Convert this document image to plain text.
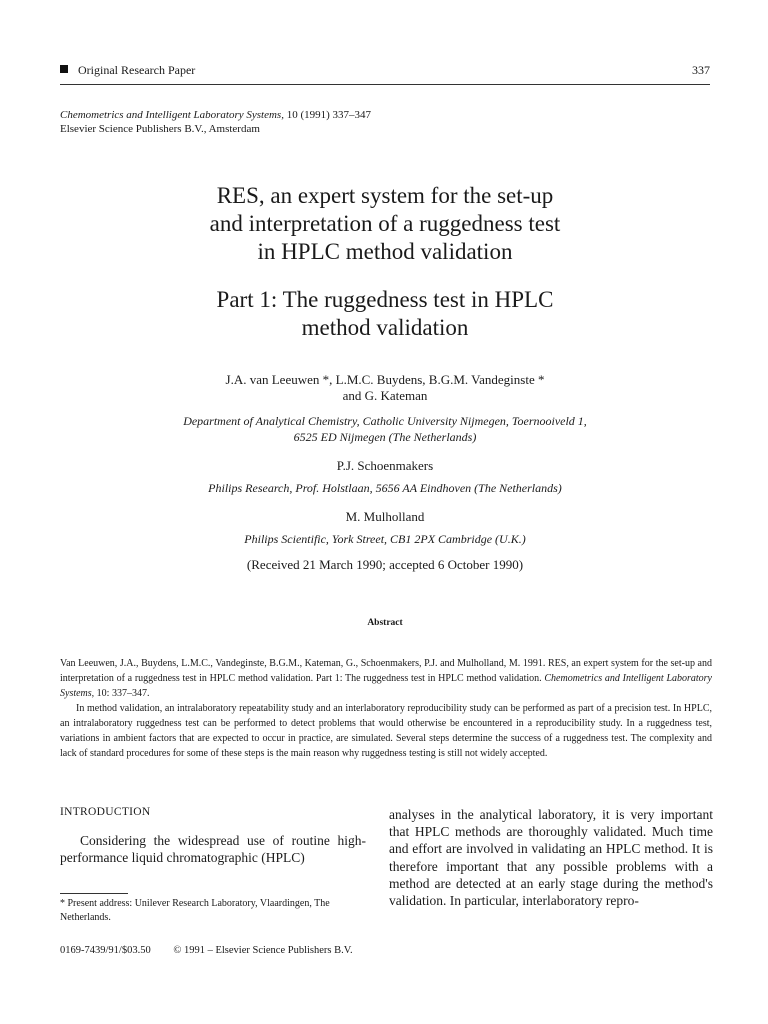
Original Research Paper	337
Chemometrics and Intelligent Laboratory Systems, 10 (1991) 337–347
Elsevier Science Publishers B.V., Amsterdam
RES, an expert system for the set-up
and interpretation of a ruggedness test
in HPLC method validation
Part 1: The ruggedness test in HPLC
method validation
J.A. van Leeuwen *, L.M.C. Buydens, B.G.M. Vandeginste *
and G. Kateman
Department of Analytical Chemistry, Catholic University Nijmegen, Toernooiveld 1,
6525 ED Nijmegen (The Netherlands)
P.J. Schoenmakers
Philips Research, Prof. Holstlaan, 5656 AA Eindhoven (The Netherlands)
M. Mulholland
Philips Scientific, York Street, CB1 2PX Cambridge (U.K.)
(Received 21 March 1990; accepted 6 October 1990)
Abstract

Van Leeuwen, J.A., Buydens, L.M.C., Vandeginste, B.G.M., Kateman, G., Schoenmakers, P.J. and Mulholland, M. 1991. RES, an expert system for the set-up and interpretation of a ruggedness test in HPLC method validation. Part 1: The ruggedness test in HPLC method validation. Chemometrics and Intelligent Laboratory Systems, 10: 337–347.

In method validation, an intralaboratory repeatability study and an interlaboratory reproducibility study can be performed as part of a precision test. In HPLC, an intralaboratory ruggedness test can be performed to detect problems that would otherwise be encountered in a reproducibility study. In a ruggedness test, variations in ambient factors that are expected to occur in practice, are simulated. Several steps determine the success of a ruggedness test. The complexity and lack of standard procedures for some of these steps is the main reason why ruggedness testing is still not widely accepted.

INTRODUCTION

Considering the widespread use of routine high-performance liquid chromatographic (HPLC)

* Present address: Unilever Research Laboratory, Vlaardingen, The Netherlands.
analyses in the analytical laboratory, it is very important that HPLC methods are thoroughly validated. Much time and effort are involved in validating an HPLC method. It is therefore important that any possible problems with a method are detected at an early stage during the method's validation. In particular, interlaboratory repro-
0169-7439/91/$03.50 © 1991 – Elsevier Science Publishers B.V.
